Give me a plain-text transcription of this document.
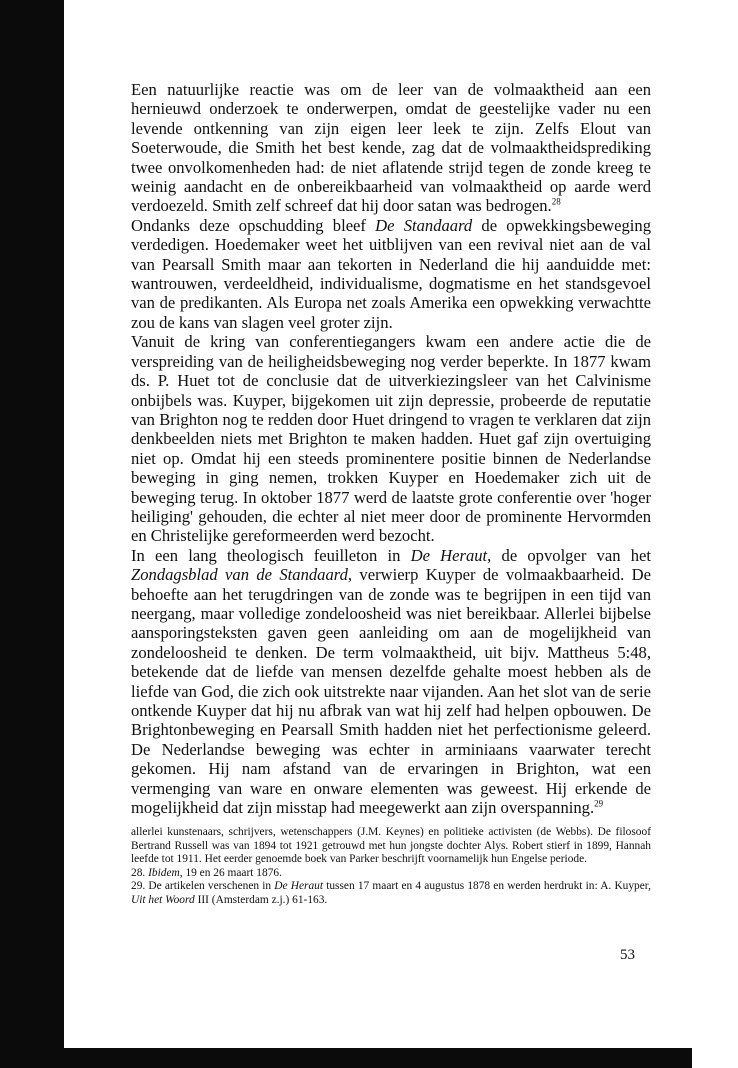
Een natuurlijke reactie was om de leer van de volmaaktheid aan een hernieuwd onderzoek te onderwerpen, omdat de geestelijke vader nu een levende ontkenning van zijn eigen leer leek te zijn. Zelfs Elout van Soeterwoude, die Smith het best kende, zag dat de volmaaktheidsprediking twee onvolkomenheden had: de niet aflatende strijd tegen de zonde kreeg te weinig aandacht en de onbereikbaarheid van volmaaktheid op aarde werd verdoezeld. Smith zelf schreef dat hij door satan was bedrogen.$^{28}$

Ondanks deze opschudding bleef De Standaard de opwekkingsbeweging verdedigen. Hoedemaker weet het uitblijven van een revival niet aan de val van Pearsall Smith maar aan tekorten in Nederland die hij aanduidde met: wantrouwen, verdeeldheid, individualisme, dogmatisme en het standsgevoel van de predikanten. Als Europa net zoals Amerika een opwekking verwachtte zou de kans van slagen veel groter zijn.

Vanuit de kring van conferentiegangers kwam een andere actie die de verspreiding van de heiligheidsbeweging nog verder beperkte. In 1877 kwam ds. P. Huet tot de conclusie dat de uitverkiezingsleer van het Calvinisme onbijbels was. Kuyper, bijgekomen uit zijn depressie, probeerde de reputatie van Brighton nog te redden door Huet dringend to vragen te verklaren dat zijn denkbeelden niets met Brighton te maken hadden. Huet gaf zijn overtuiging niet op. Omdat hij een steeds prominentere positie binnen de Nederlandse beweging in ging nemen, trokken Kuyper en Hoedemaker zich uit de beweging terug. In oktober 1877 werd de laatste grote conferentie over 'hoger heiliging' gehouden, die echter al niet meer door de prominente Hervormden en Christelijke gereformeerden werd bezocht.

In een lang theologisch feuilleton in De Heraut, de opvolger van het Zondagsblad van de Standaard, verwierp Kuyper de volmaakbaarheid. De behoefte aan het terugdringen van de zonde was te begrijpen in een tijd van neergang, maar volledige zondeloosheid was niet bereikbaar. Allerlei bijbelse aansporingsteksten gaven geen aanleiding om aan de mogelijkheid van zondeloosheid te denken. De term volmaaktheid, uit bijv. Mattheus 5:48, betekende dat de liefde van mensen dezelfde gehalte moest hebben als de liefde van God, die zich ook uitstrekte naar vijanden. Aan het slot van de serie ontkende Kuyper dat hij nu afbrak van wat hij zelf had helpen opbouwen. De Brightonbeweging en Pearsall Smith hadden niet het perfectionisme geleerd. De Nederlandse beweging was echter in arminiaans vaarwater terecht gekomen. Hij nam afstand van de ervaringen in Brighton, wat een vermenging van ware en onware elementen was geweest. Hij erkende de mogelijkheid dat zijn misstap had meegewerkt aan zijn overspanning.$^{29}$

allerlei kunstenaars, schrijvers, wetenschappers (J.M. Keynes) en politieke activisten (de Webbs). De filosoof Bertrand Russell was van 1894 tot 1921 getrouwd met hun jongste dochter Alys. Robert stierf in 1899, Hannah leefde tot 1911. Het eerder genoemde boek van Parker beschrijft voornamelijk hun Engelse periode.

28. Ibidem, 19 en 26 maart 1876.

29. De artikelen verschenen in De Heraut tussen 17 maart en 4 augustus 1878 en werden herdrukt in: A. Kuyper, Uit het Woord III (Amsterdam z.j.) 61-163.

53
